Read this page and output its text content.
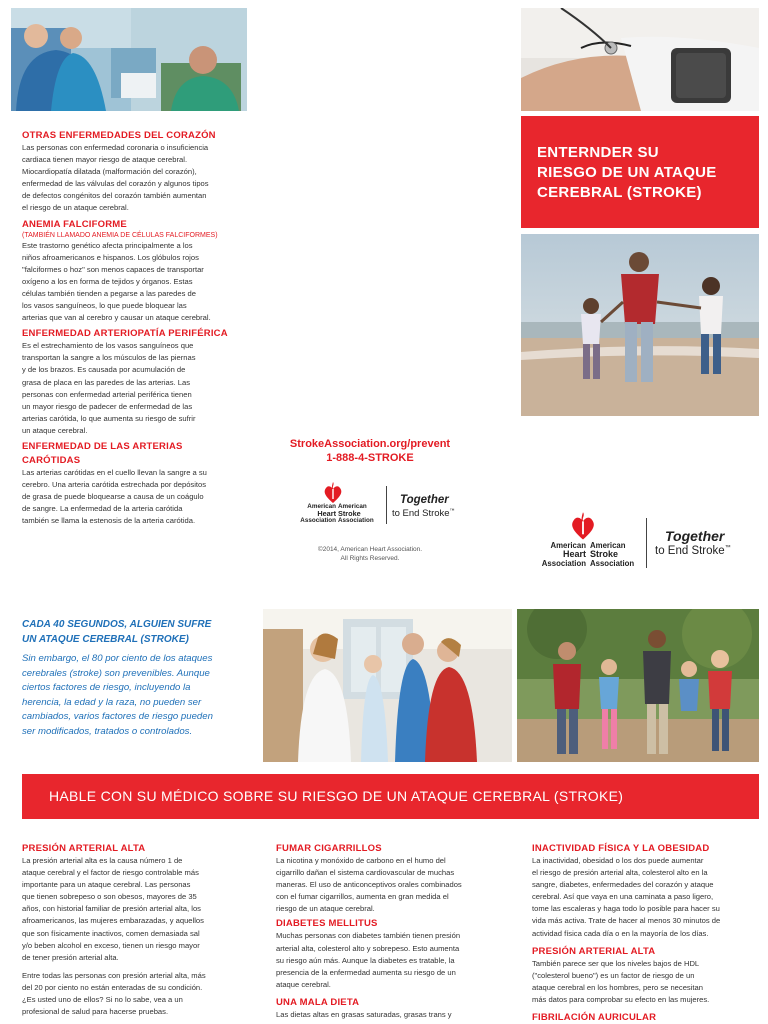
OTRAS ENFERMEDADES DEL CORAZÓN
Las personas con enfermedad coronaria o insuficiencia
cardiaca tienen mayor riesgo de ataque cerebral.
Miocardiopatía dilatada (malformación del corazón),
enfermedad de las válvulas del corazón y algunos tipos
de defectos congénitos del corazón también aumentan
el riesgo de un ataque cerebral.
ANEMIA FALCIFORME
(TAMBIÉN LLAMADO ANEMIA DE CÉLULAS FALCIFORMES)
Este trastorno genético afecta principalmente a los
niños afroamericanos e hispanos. Los glóbulos rojos
"falciformes o hoz" son menos capaces de transportar
oxígeno a los en forma de tejidos y órganos. Estas
células también tienden a pegarse a las paredes de
los vasos sanguíneos, lo que puede bloquear las
arterias que van al cerebro y causar un ataque cerebral.
ENFERMEDAD ARTERIOPATÍA PERIFÉRICA
Es el estrechamiento de los vasos sanguíneos que
transportan la sangre a los músculos de las piernas
y de los brazos. Es causada por acumulación de
grasa de placa en las paredes de las arterias. Las
personas con enfermedad arterial periférica tienen
un mayor riesgo de padecer de enfermedad de las
arterias carótida, lo que aumenta su riesgo de sufrir
un ataque cerebral.
ENFERMEDAD DE LAS ARTERIAS
CARÓTIDAS
Las arterias carótidas en el cuello llevan la sangre a su
cerebro. Una arteria carótida estrechada por depósitos
de grasa de puede bloquearse a causa de un coágulo
de sangre. La enfermedad de la arteria carótida
también se llama la estenosis de la arteria carótida.
StrokeAssociation.org/prevent
1-888-4-STROKE
American
Heart
Association
American
Stroke
Association
Together
to End Stroke™
©2014, American Heart Association.
All Rights Reserved.
ENTERNDER SU
RIESGO DE UN ATAQUE
CEREBRAL (STROKE)
American
Heart
Association
American
Stroke
Association
Together
to End Stroke™
CADA 40 SEGUNDOS, ALGUIEN SUFRE
UN ATAQUE CEREBRAL (STROKE)
Sin embargo, el 80 por ciento de los ataques
cerebrales (stroke) son prevenibles. Aunque
ciertos factores de riesgo, incluyendo la
herencia, la edad y la raza, no pueden ser
cambiados, varios factores de riesgo pueden
ser modificados, tratados o controlados.
HABLE CON SU MÉDICO SOBRE SU RIESGO DE UN ATAQUE CEREBRAL (STROKE)
PRESIÓN ARTERIAL ALTA
La presión arterial alta es la causa número 1 de
ataque cerebral y el factor de riesgo controlable más
importante para un ataque cerebral. Las personas
que tienen sobrepeso o son obesos, mayores de 35
años, con historial familiar de presión arterial alta, los
afroamericanos, las mujeres embarazadas, y aquellos
que son físicamente inactivos, comen demasiada sal
y/o beben alcohol en exceso, tienen un riesgo mayor
de tener presión arterial alta.
Entre todas las personas con presión arterial alta, más
del 20 por ciento no están enteradas de su condición.
¿Es usted uno de ellos? Si no lo sabe, vea a un
profesional de salud para hacerse pruebas.
FUMAR CIGARRILLOS
La nicotina y monóxido de carbono en el humo del
cigarrillo dañan el sistema cardiovascular de muchas
maneras. El uso de anticonceptivos orales combinados
con el fumar cigarrillos, aumenta en gran medida el
riesgo de un ataque cerebral.
DIABETES MELLITUS
Muchas personas con diabetes también tienen presión
arterial alta, colesterol alto y sobrepeso. Esto aumenta
su riesgo aún más. Aunque la diabetes es tratable, la
presencia de la enfermedad aumenta su riesgo de un
ataque cerebral.
UNA MALA DIETA
Las dietas altas en grasas saturadas, grasas trans y
INACTIVIDAD FÍSICA Y LA OBESIDAD
La inactividad, obesidad o los dos puede aumentar
el riesgo de presión arterial alta, colesterol alto en la
sangre, diabetes, enfermedades del corazón y ataque
cerebral. Así que vaya en una caminata a paso ligero,
tome las escaleras y haga todo lo posible para hacer su
vida más activa. Trate de hacer al menos 30 minutos de
actividad física cada día o en la mayoría de los días.
PRESIÓN ARTERIAL ALTA
También parece ser que los niveles bajos de HDL
("colesterol bueno") es un factor de riesgo de un
ataque cerebral en los hombres, pero se necesitan
más datos para comprobar su efecto en las mujeres.
FIBRILACIÓN AURICULAR
